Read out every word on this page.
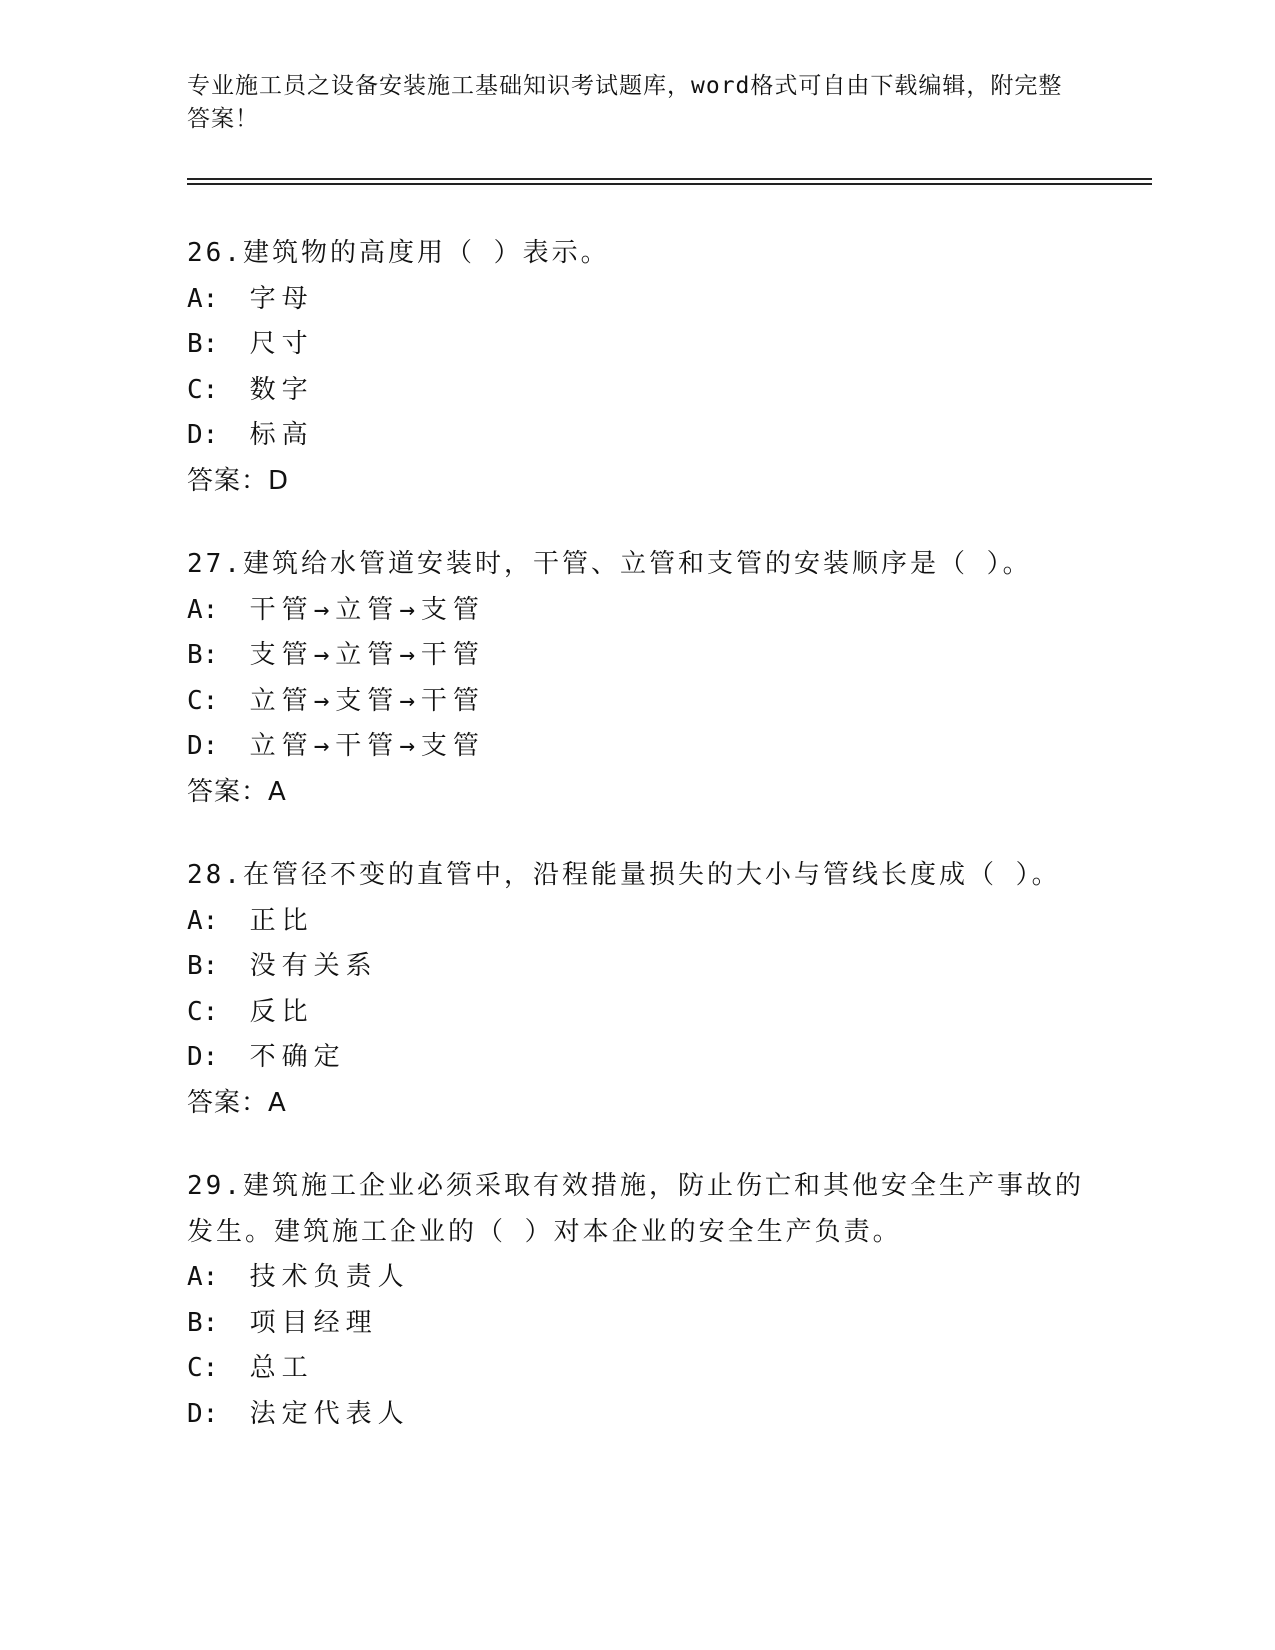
专业施工员之设备安装施工基础知识考试题库，word格式可自由下载编辑，附完整答案！
26.建筑物的高度用（ ）表示。
A: 字母
B: 尺寸
C: 数字
D: 标高
答案：D
27.建筑给水管道安装时，干管、立管和支管的安装顺序是（ ）。
A: 干管→立管→支管
B: 支管→立管→干管
C: 立管→支管→干管
D: 立管→干管→支管
答案：A
28.在管径不变的直管中，沿程能量损失的大小与管线长度成（ ）。
A: 正比
B: 没有关系
C: 反比
D: 不确定
答案：A
29.建筑施工企业必须采取有效措施，防止伤亡和其他安全生产事故的发生。建筑施工企业的（ ）对本企业的安全生产负责。
A: 技术负责人
B: 项目经理
C: 总工
D: 法定代表人
